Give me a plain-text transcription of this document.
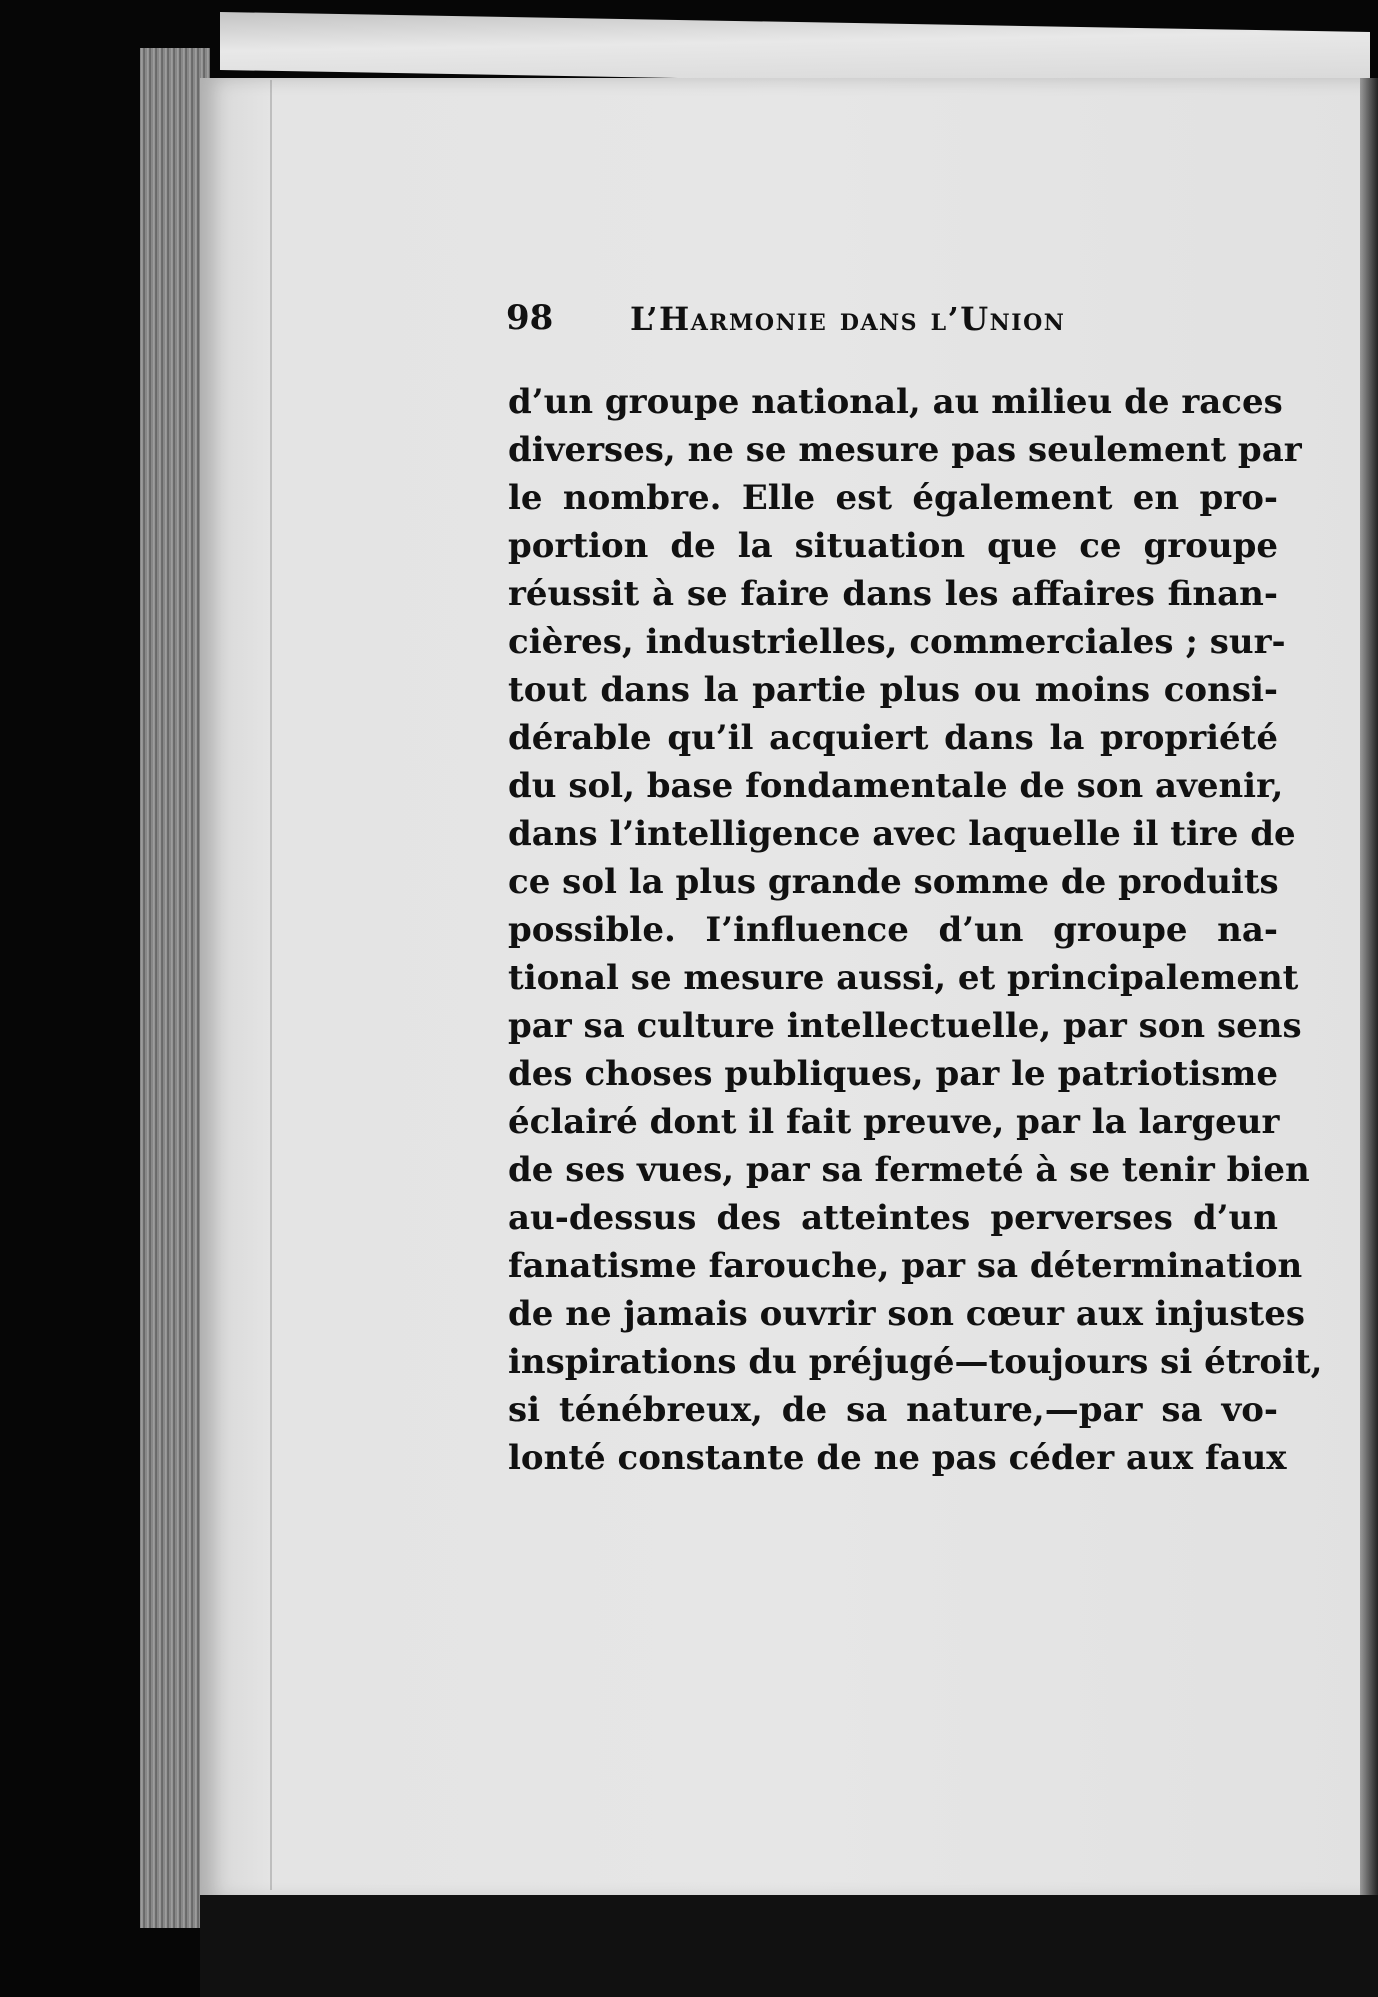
98 L’Harmonie dans l’Union
d’un groupe national, au milieu de races
diverses, ne se mesure pas seulement par
le nombre. Elle est également en pro-
portion de la situation que ce groupe
réussit à se faire dans les affaires finan-
cières, industrielles, commerciales ; sur-
tout dans la partie plus ou moins consi-
dérable qu’il acquiert dans la propriété
du sol, base fondamentale de son avenir,
dans l’intelligence avec laquelle il tire de
ce sol la plus grande somme de produits
possible. I’influence d’un groupe na-
tional se mesure aussi, et principalement
par sa culture intellectuelle, par son sens
des choses publiques, par le patriotisme
éclairé dont il fait preuve, par la largeur
de ses vues, par sa fermeté à se tenir bien
au-dessus des atteintes perverses d’un
fanatisme farouche, par sa détermination
de ne jamais ouvrir son cœur aux injustes
inspirations du préjugé—toujours si étroit,
si ténébreux, de sa nature,—par sa vo-
lonté constante de ne pas céder aux faux
